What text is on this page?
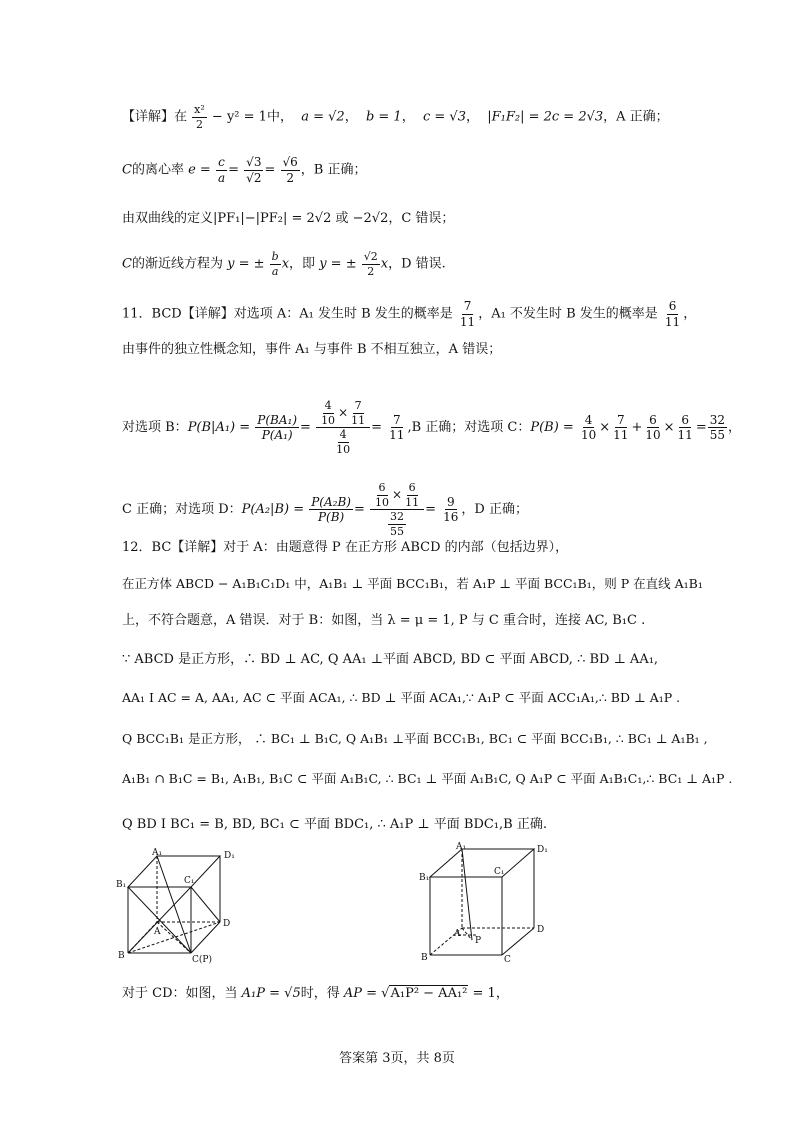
【详解】在 $\frac{\text{x²}}{2} - y^2 = 1$中， a = √2，  b = 1，  c = √3，  |F₁F₂| = 2c = 2√3，A 正确；
C的离心率 $e = \frac{c}{a} = \frac{√3}{√2} = \frac{√6}{2}$ ，B 正确；
由双曲线的定义|PF₁|−|PF₂| = 2√2 或 −2√2，C 错误；
C的渐近线方程为 y = ± $\frac{b}{a}$ x，即 y = ± $\frac{√2}{2}$ x，D 错误.
11．BCD【详解】对选项 A：A₁ 发生时 B 发生的概率是 $\frac{7}{11}$ ，A₁ 不发生时 B 发生的概率是 $\frac{6}{11}$ ，
由事件的独立性概念知，事件 A₁ 与事件 B 不相互独立，A 错误；
对选项 B：$P(B|A_1) = \frac{\text{P(BA₁)}}{\text{P(A₁)}} = \frac{\frac{4}{10} \times \frac{7}{11}}{\frac{4}{10}} = \frac{7}{11} ,B$ 正确；对选项 C：$P(B) = \frac{4}{10} \times \frac{7}{11} + \frac{6}{10} \times \frac{6}{11} = \frac{32}{55}$ ，
C 正确；对选项 D：$P(A_2|B) = \frac{\text{P(A₂B)}}{P(B)} = \frac{\frac{6}{10} \times \frac{6}{11}}{\frac{32}{55}} = \frac{9}{16}$ ，D 正确；
12．BC【详解】对于 A：由题意得 P 在正方形 ABCD 的内部（包括边界），
在正方体 ABCD − A₁B₁C₁D₁ 中，A₁B₁ ⊥ 平面 BCC₁B₁，若 A₁P ⊥ 平面 BCC₁B₁，则 P 在直线 A₁B₁
上，不符合题意，A 错误．对于 B：如图，当 λ = μ = 1, P 与 C 重合时，连接 AC, B₁C .
∵ ABCD 是正方形，∴ BD ⊥ AC, Q AA₁ ⊥平面 ABCD, BD ⊂ 平面 ABCD, ∴ BD ⊥ AA₁,
AA₁ I AC = A, AA₁, AC ⊂ 平面 ACA₁, ∴ BD ⊥ 平面 ACA₁,∵ A₁P ⊂ 平面 ACC₁A₁,∴ BD ⊥ A₁P .
Q BCC₁B₁ 是正方形， ∴ BC₁ ⊥ B₁C, Q A₁B₁ ⊥平面 BCC₁B₁, BC₁ ⊂ 平面 BCC₁B₁, ∴ BC₁ ⊥ A₁B₁ ,
A₁B₁ ∩ B₁C = B₁, A₁B₁, B₁C ⊂ 平面 A₁B₁C, ∴ BC₁ ⊥ 平面 A₁B₁C, Q A₁P ⊂ 平面 A₁B₁C₁,∴ BC₁ ⊥ A₁P .
Q BD I BC₁ = B, BD, BC₁ ⊂ 平面 BDC₁, ∴ A₁P ⊥ 平面 BDC₁,B 正确.
A₁	D₁
B₁	C₁
A
D
B	C(P)
A₁	D₁
B₁
C₁
A
P
D
B	C
对于 CD：如图，当 A₁P = √5时，得 AP = √A₁P² − AA₁² = 1，
答案第 3页，共 8页
